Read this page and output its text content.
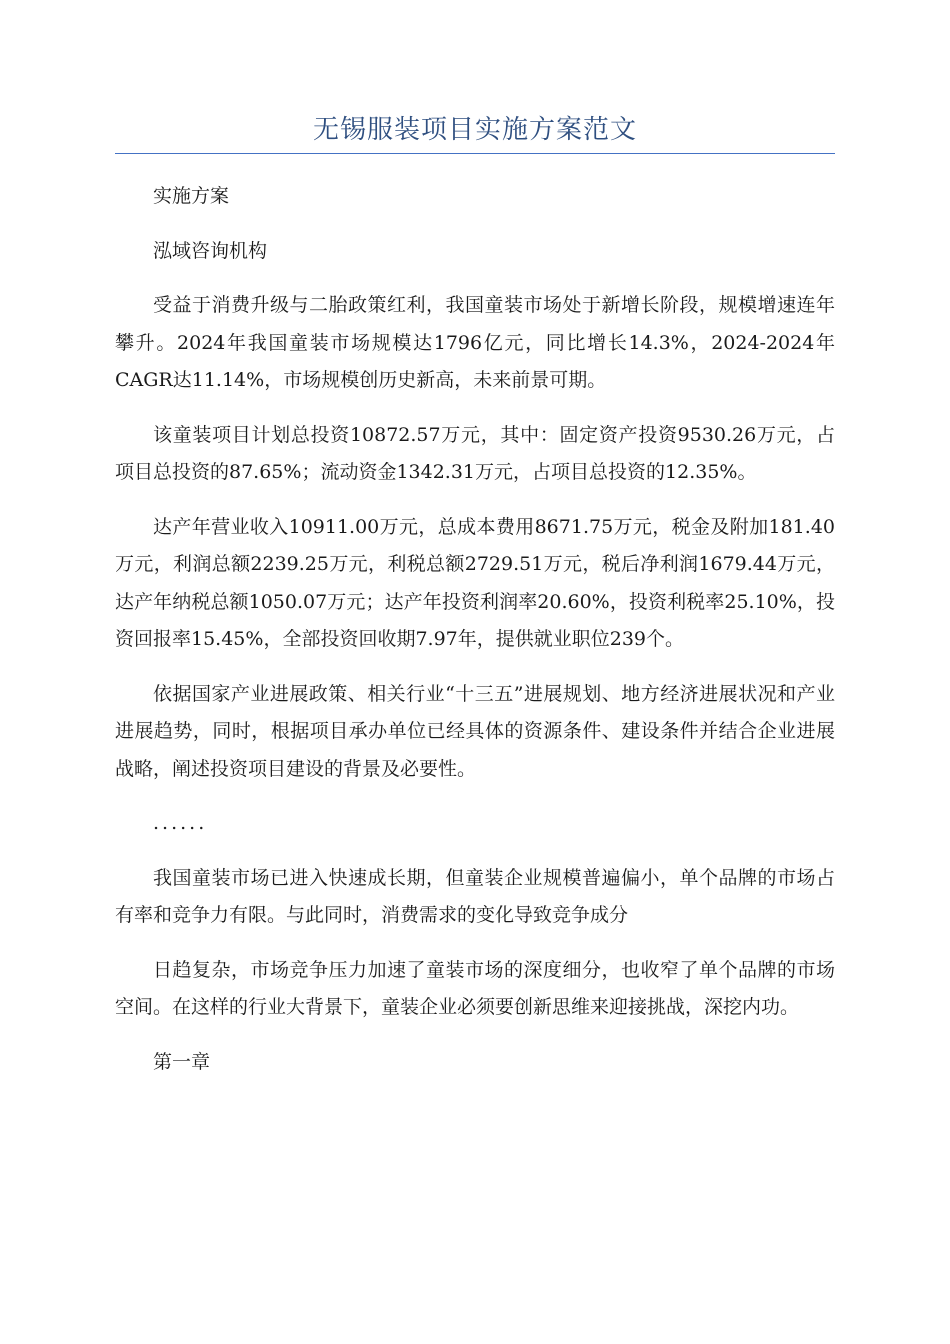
无锡服装项目实施方案范文

实施方案

泓域咨询机构

受益于消费升级与二胎政策红利，我国童装市场处于新增长阶段，规模增速连年攀升。2024年我国童装市场规模达1796亿元，同比增长14.3%，2024-2024年CAGR达11.14%，市场规模创历史新高，未来前景可期。

该童装项目计划总投资10872.57万元，其中：固定资产投资9530.26万元，占项目总投资的87.65%；流动资金1342.31万元，占项目总投资的12.35%。

达产年营业收入10911.00万元，总成本费用8671.75万元，税金及附加181.40万元，利润总额2239.25万元，利税总额2729.51万元，税后净利润1679.44万元，达产年纳税总额1050.07万元；达产年投资利润率20.60%，投资利税率25.10%，投资回报率15.45%，全部投资回收期7.97年，提供就业职位239个。

依据国家产业进展政策、相关行业“十三五”进展规划、地方经济进展状况和产业进展趋势，同时，根据项目承办单位已经具体的资源条件、建设条件并结合企业进展战略，阐述投资项目建设的背景及必要性。

......

我国童装市场已进入快速成长期，但童装企业规模普遍偏小，单个品牌的市场占有率和竞争力有限。与此同时，消费需求的变化导致竞争成分

日趋复杂，市场竞争压力加速了童装市场的深度细分，也收窄了单个品牌的市场空间。在这样的行业大背景下，童装企业必须要创新思维来迎接挑战，深挖内功。

第一章
